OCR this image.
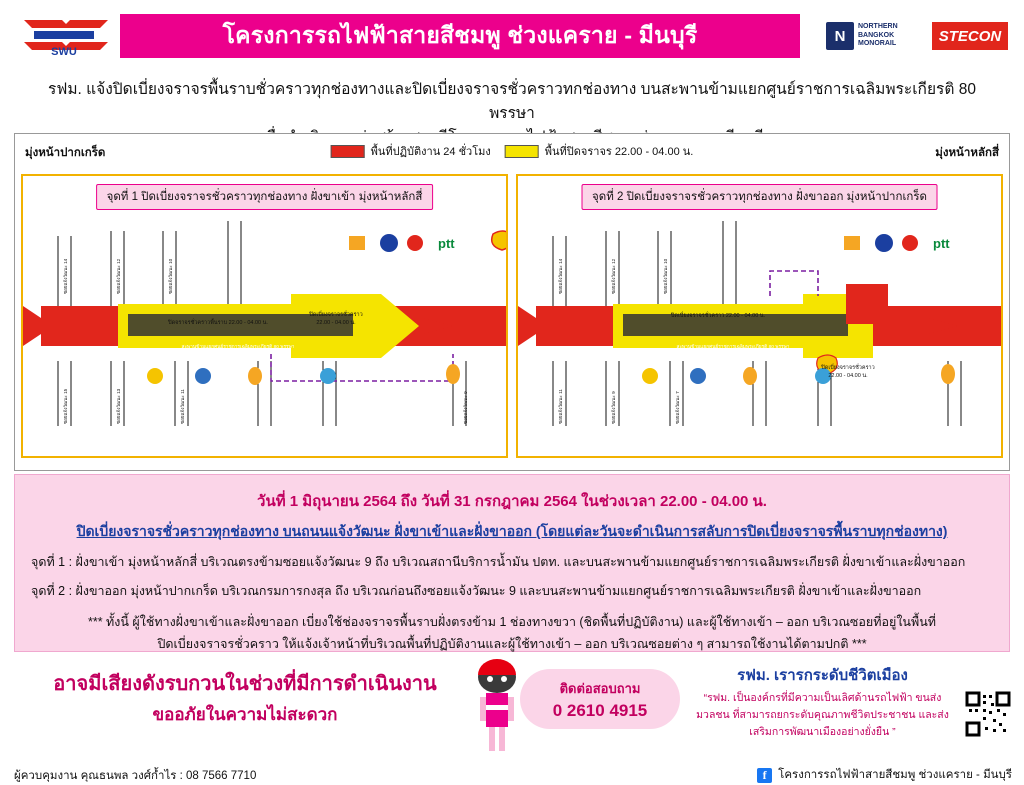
SWU
โครงการรถไฟฟ้าสายสีชมพู ช่วงแคราย - มีนบุรี	N
NORTHERN
BANGKOK
MONORAIL	STECON
รฟม. แจ้งปิดเบี่ยงจราจรพื้นราบชั่วคราวทุกช่องทางและปิดเบี่ยงจราจรชั่วคราวทกช่องทาง บนสะพานข้ามแยกศูนย์ราชการเฉลิมพระเกียรติ 80 พรรษา
มุ่งหน้าปากเกร็ด	มุ่งหน้าหลักสี่
พื้นที่ปฏิบัติงาน 24 ชั่วโมง	พื้นที่ปิดจราจร 22.00 - 04.00 น.
จุดที่ 1 ปิดเบี่ยงจราจรชั่วคราวทุกช่องทาง ฝั่งขาเข้า มุ่งหน้าหลักสี่
ptt
ปิดเบี่ยงจราจรชั่วคราว
22.00 - 04.00 น.
ปิดจราจรชั่วคราวพื้นราบ 22.00 - 04.00 น.
สะพานข้ามแยกศูนย์ราชการเฉลิมพระเกียรติ 80 พรรษา
ซอยแจ้งวัฒนะ 14	ซอยแจ้งวัฒนะ 12	ซอยแจ้งวัฒนะ 10
ซอยแจ้งวัฒนะ 15	ซอยแจ้งวัฒนะ 13	ซอยแจ้งวัฒนะ 11	ซอยแจ้งวัฒนะ 9
จุดที่ 2 ปิดเบี่ยงจราจรชั่วคราวทุกช่องทาง ฝั่งขาออก มุ่งหน้าปากเกร็ด
ptt
ปิดเบี่ยงจราจรชั่วคราว 22.00 - 04.00 น.
ปิดเบี่ยงจราจรชั่วคราว
22.00 - 04.00 น.
สะพานข้ามแยกศูนย์ราชการเฉลิมพระเกียรติ 80 พรรษา
ซอยแจ้งวัฒนะ 14	ซอยแจ้งวัฒนะ 12	ซอยแจ้งวัฒนะ 10
ซอยแจ้งวัฒนะ 11	ซอยแจ้งวัฒนะ 9	ซอยแจ้งวัฒนะ 7
วันที่ 1 มิถุนายน 2564 ถึง วันที่ 31 กรกฎาคม 2564 ในช่วงเวลา 22.00 - 04.00 น.
ปิดเบี่ยงจราจรชั่วคราวทุกช่องทาง บนถนนแจ้งวัฒนะ ฝั่งขาเข้าและฝั่งขาออก (โดยแต่ละวันจะดำเนินการสลับการปิดเบี่ยงจราจรพื้นราบทุกช่องทาง)
จุดที่ 1 : ฝั่งขาเข้า มุ่งหน้าหลักสี่ บริเวณตรงข้ามซอยแจ้งวัฒนะ 9 ถึง บริเวณสถานีบริการน้ำมัน ปตท. และบนสะพานข้ามแยกศูนย์ราชการเฉลิมพระเกียรติ ฝั่งขาเข้าและฝั่งขาออก
จุดที่ 2 : ฝั่งขาออก มุ่งหน้าปากเกร็ด บริเวณกรมการกงสุล ถึง บริเวณก่อนถึงซอยแจ้งวัฒนะ 9 และบนสะพานข้ามแยกศูนย์ราชการเฉลิมพระเกียรติ ฝั่งขาเข้าและฝั่งขาออก
*** ทั้งนี้ ผู้ใช้ทางฝั่งขาเข้าและฝั่งขาออก เบี่ยงใช้ช่องจราจรพื้นราบฝั่งตรงข้าม 1 ช่องทางขวา (ชิดพื้นที่ปฏิบัติงาน) และผู้ใช้ทางเข้า – ออก บริเวณซอยที่อยู่ในพื้นที่
ปิดเบี่ยงจราจรชั่วคราว ให้แจ้งเจ้าหน้าที่บริเวณพื้นที่ปฏิบัติงานและผู้ใช้ทางเข้า – ออก บริเวณซอยต่าง ๆ สามารถใช้งานได้ตามปกติ ***
อาจมีเสียงดังรบกวนในช่วงที่มีการดำเนินงาน
ขออภัยในความไม่สะดวก
ติดต่อสอบถาม
0 2610 4915
รฟม. เรารกระดับชีวิตเมือง
“รฟม. เป็นองค์กรที่มีความเป็นเลิศด้านรถไฟฟ้า ขนส่งมวลชน ที่สามารถยกระดับคุณภาพชีวิตประชาชน และส่งเสริมการพัฒนาเมืองอย่างยั่งยืน ”
ผู้ควบคุมงาน คุณธนพล วงศ์ก้ำไร : 08 7566 7710	f	โครงการรถไฟฟ้าสายสีชมพู ช่วงแคราย - มีนบุรี
